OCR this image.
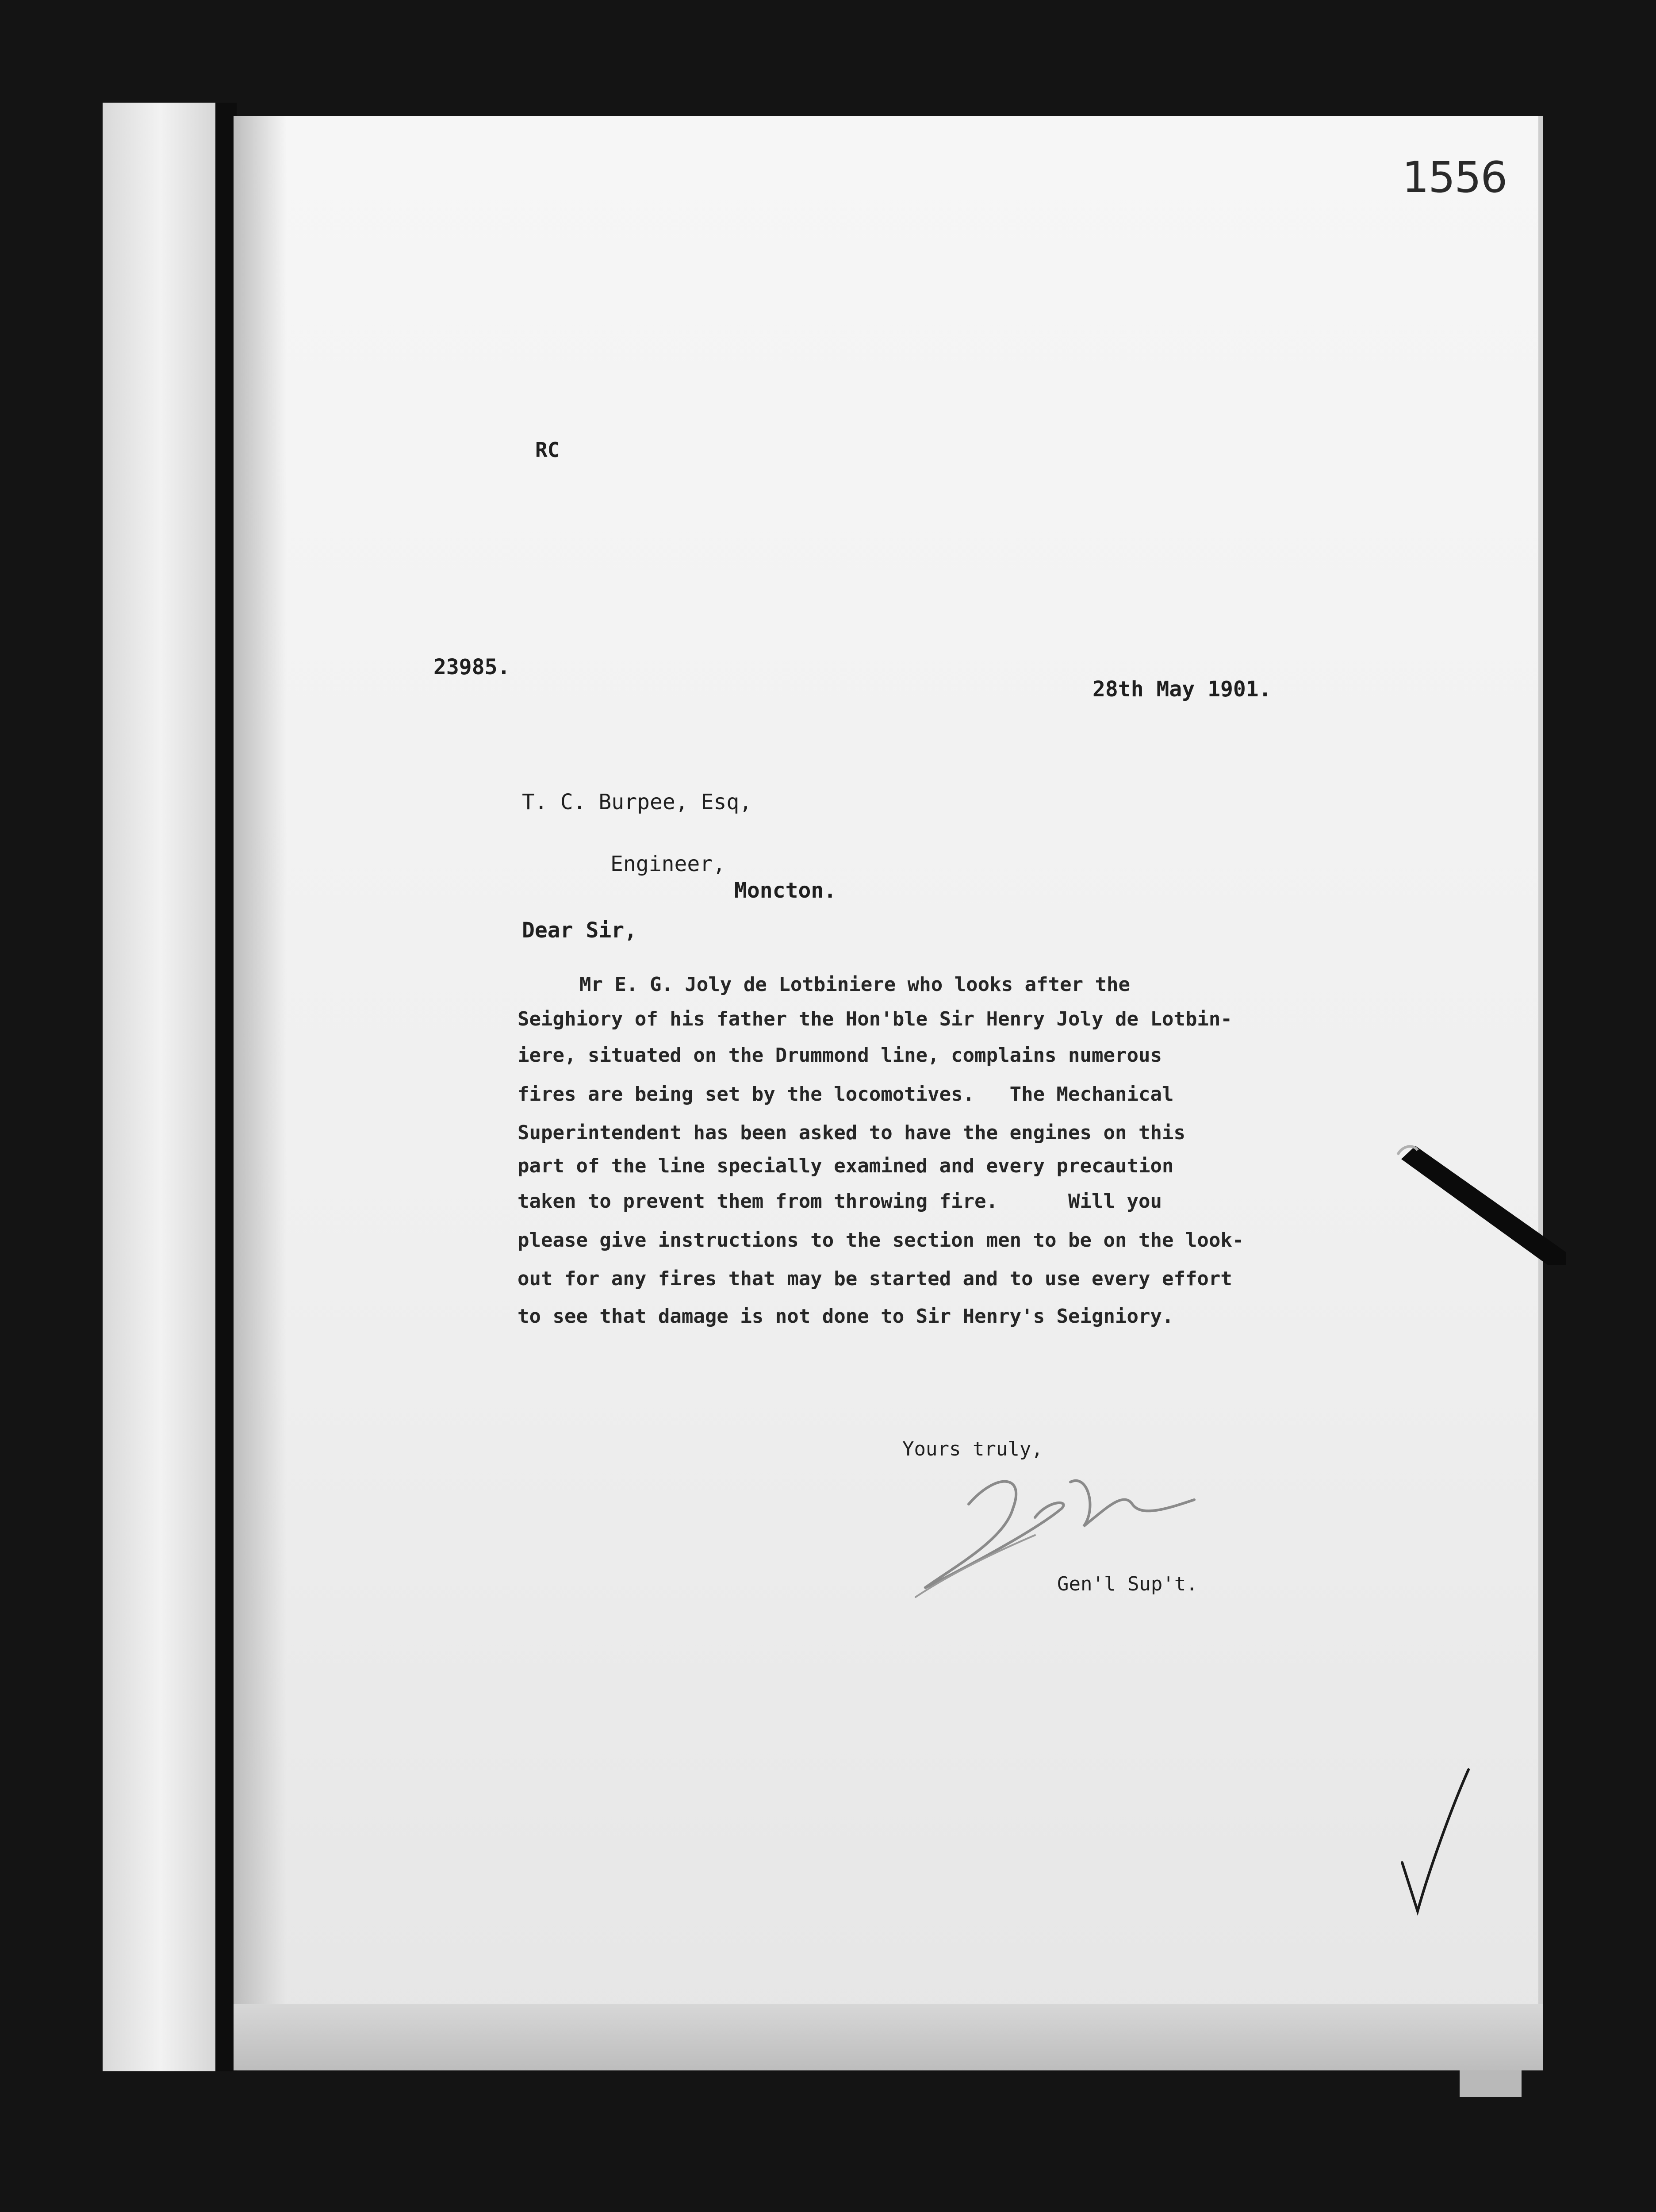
1556
RC
23985.
28th May 1901.
T. C. Burpee, Esq,
Engineer,
Moncton.
Dear Sir,
Mr E. G. Joly de Lotbiniere who looks after the
Seighiory of his father the Hon'ble Sir Henry Joly de Lotbin-
iere, situated on the Drummond line, complains numerous
fires are being set by the locomotives.   The Mechanical
Superintendent has been asked to have the engines on this
part of the line specially examined and every precaution
taken to prevent them from throwing fire.      Will you
please give instructions to the section men to be on the look-
out for any fires that may be started and to use every effort
to see that damage is not done to Sir Henry's Seigniory.
Yours truly,
Gen'l Sup't.
